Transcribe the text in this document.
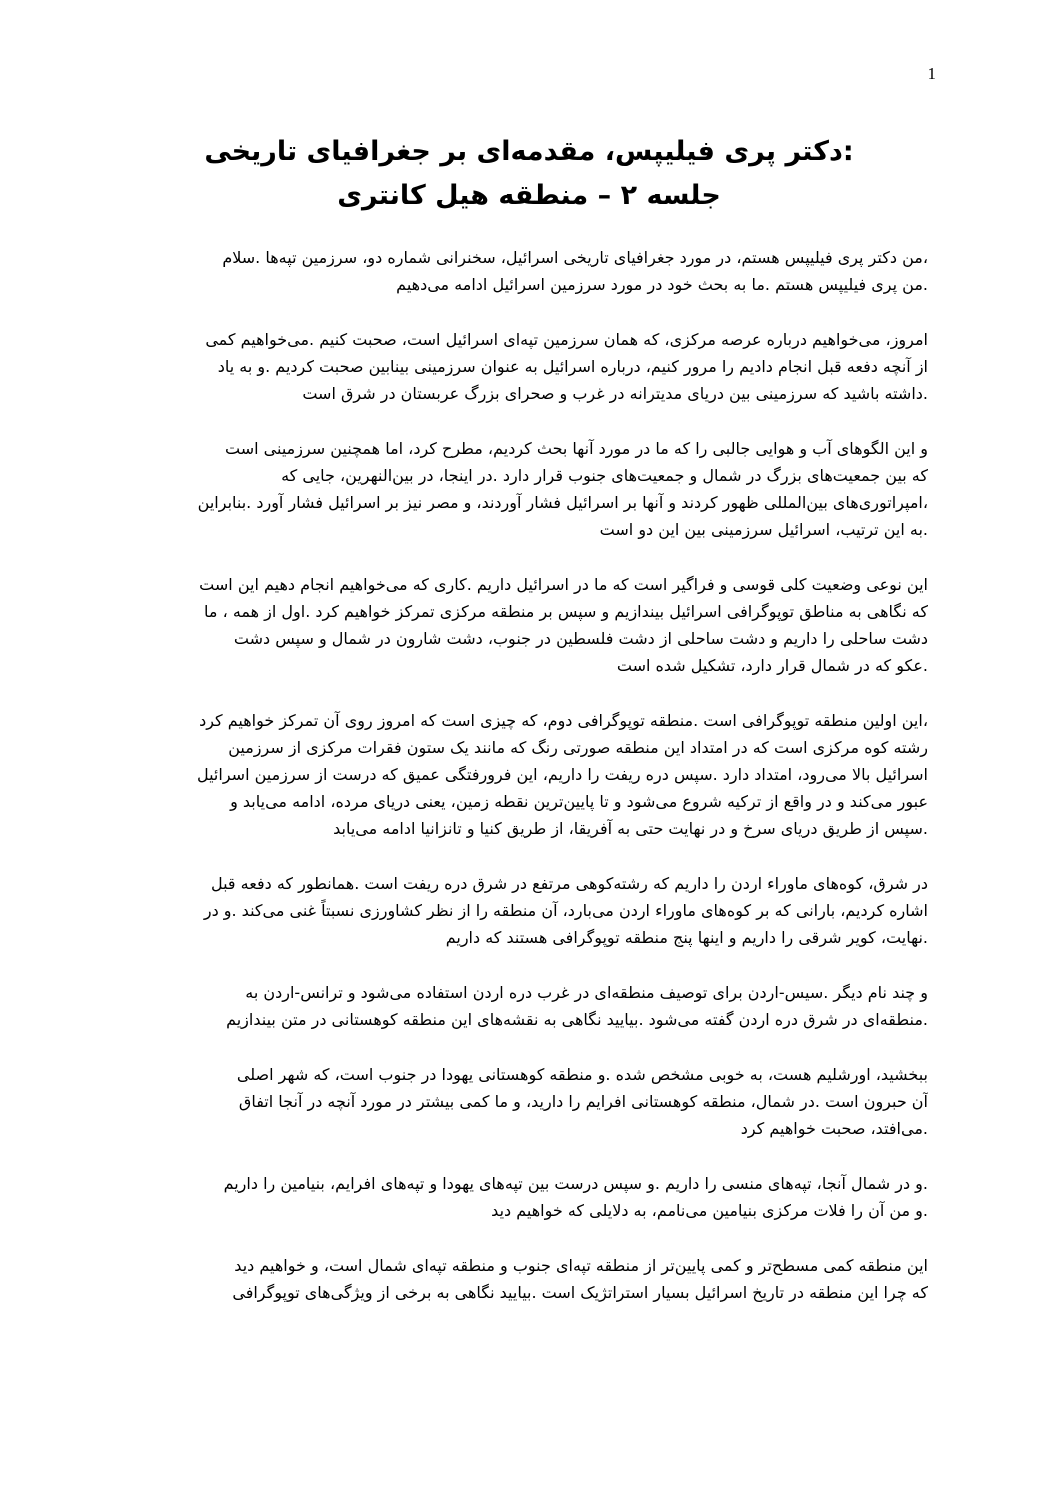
1
:دکتر پری فیلیپس، مقدمه‌ای بر جغرافیای تاریخی
جلسه ۲ – منطقه هیل کانتری
،من دکتر پری فیلیپس هستم، در مورد جغرافیای تاریخی اسرائیل، سخنرانی شماره دو، سرزمین تپه‌ها .سلام
.من پری فیلیپس هستم .ما به بحث خود در مورد سرزمین اسرائیل ادامه می‌دهیم
امروز، می‌خواهیم درباره عرصه مرکزی، که همان سرزمین تپه‌ای اسرائیل است، صحبت کنیم .می‌خواهیم کمی
از آنچه دفعه قبل انجام دادیم را مرور کنیم، درباره اسرائیل به عنوان سرزمینی بینابین صحبت کردیم .و به یاد
.داشته باشید که سرزمینی بین دریای مدیترانه در غرب و صحرای بزرگ عربستان در شرق است
و این الگوهای آب و هوایی جالبی را که ما در مورد آنها بحث کردیم، مطرح کرد، اما همچنین سرزمینی است
که بین جمعیت‌های بزرگ در شمال و جمعیت‌های جنوب قرار دارد .در اینجا، در بین‌النهرین، جایی که
،امپراتوری‌های بین‌المللی ظهور کردند و آنها بر اسرائیل فشار آوردند، و مصر نیز بر اسرائیل فشار آورد .بنابراین
.به این ترتیب، اسرائیل سرزمینی بین این دو است
این نوعی وضعیت کلی قوسی و فراگیر است که ما در اسرائیل داریم .کاری که می‌خواهیم انجام دهیم این است
که نگاهی به مناطق توپوگرافی اسرائیل بیندازیم و سپس بر منطقه مرکزی تمرکز خواهیم کرد .اول از همه ، ما
دشت ساحلی را داریم و دشت ساحلی از دشت فلسطین در جنوب، دشت شارون در شمال و سپس دشت
.عکو که در شمال قرار دارد، تشکیل شده است
،این اولین منطقه توپوگرافی است .منطقه توپوگرافی دوم، که چیزی است که امروز روی آن تمرکز خواهیم کرد
رشته کوه مرکزی است که در امتداد این منطقه صورتی رنگ که مانند یک ستون فقرات مرکزی از سرزمین
اسرائیل بالا می‌رود، امتداد دارد .سپس دره ریفت را داریم، این فرورفتگی عمیق که درست از سرزمین اسرائیل
عبور می‌کند و در واقع از ترکیه شروع می‌شود و تا پایین‌ترین نقطه زمین، یعنی دریای مرده، ادامه می‌یابد و
.سپس از طریق دریای سرخ و در نهایت حتی به آفریقا، از طریق کنیا و تانزانیا ادامه می‌یابد
در شرق، کوه‌های ماوراء اردن را داریم که رشته‌کوهی مرتفع در شرق دره ریفت است .همانطور که دفعه قبل
اشاره کردیم، بارانی که بر کوه‌های ماوراء اردن می‌بارد، آن منطقه را از نظر کشاورزی نسبتاً غنی می‌کند .و در
.نهایت، کویر شرقی را داریم و اینها پنج منطقه توپوگرافی هستند که داریم
و چند نام دیگر .سیس-اردن برای توصیف منطقه‌ای در غرب دره اردن استفاده می‌شود و ترانس-اردن به
.منطقه‌ای در شرق دره اردن گفته می‌شود .بیایید نگاهی به نقشه‌های این منطقه کوهستانی در متن بیندازیم
ببخشید، اورشلیم هست، به خوبی مشخص شده .و منطقه کوهستانی یهودا در جنوب است، که شهر اصلی
آن حبرون است .در شمال، منطقه کوهستانی افرایم را دارید، و ما کمی بیشتر در مورد آنچه در آنجا اتفاق
.می‌افتد، صحبت خواهیم کرد
.و در شمال آنجا، تپه‌های منسی را داریم .و سپس درست بین تپه‌های یهودا و تپه‌های افرایم، بنیامین را داریم
.و من آن را فلات مرکزی بنیامین می‌نامم، به دلایلی که خواهیم دید
این منطقه کمی مسطح‌تر و کمی پایین‌تر از منطقه تپه‌ای جنوب و منطقه تپه‌ای شمال است، و خواهیم دید
که چرا این منطقه در تاریخ اسرائیل بسیار استراتژیک است .بیایید نگاهی به برخی از ویژگی‌های توپوگرافی
